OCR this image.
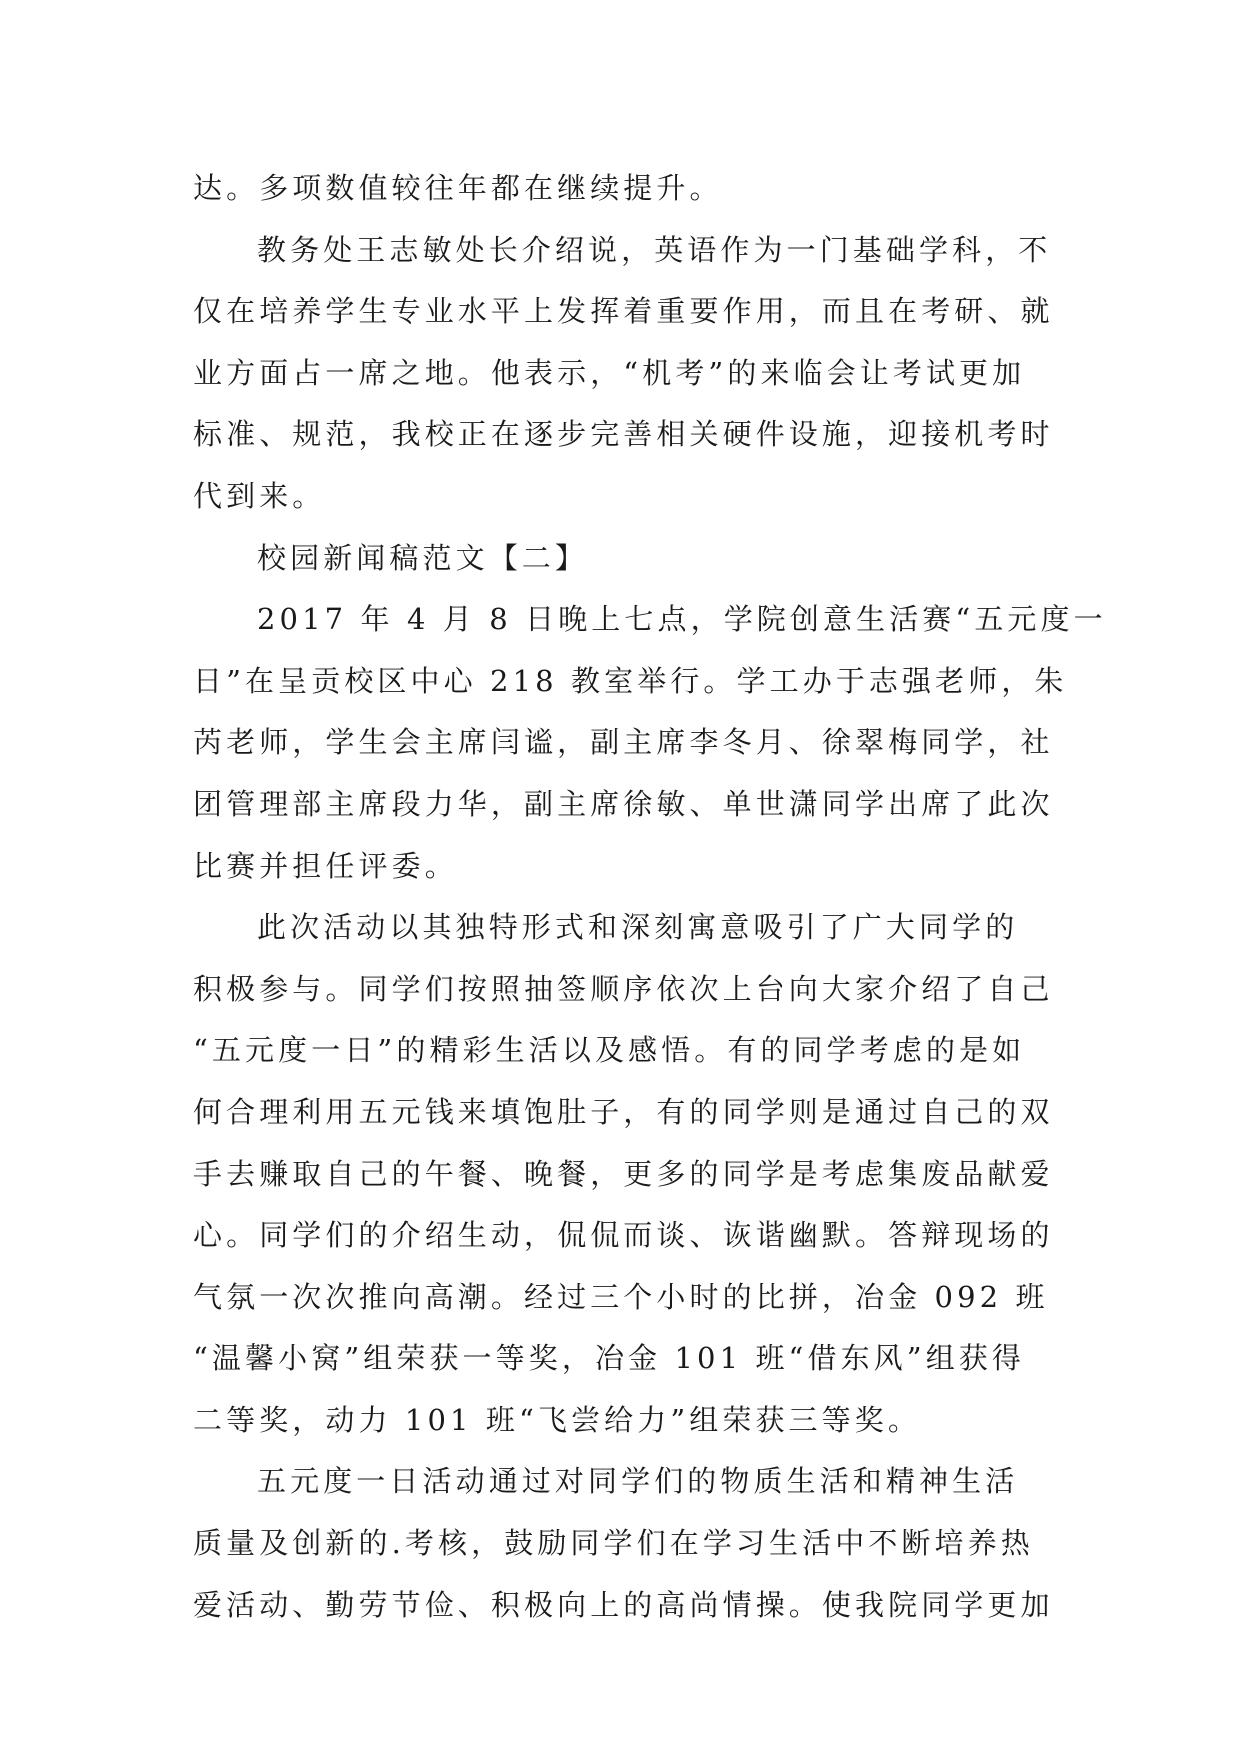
达。多项数值较往年都在继续提升。
教务处王志敏处长介绍说，英语作为一门基础学科，不
仅在培养学生专业水平上发挥着重要作用，而且在考研、就
业方面占一席之地。他表示，“机考”的来临会让考试更加
标准、规范，我校正在逐步完善相关硬件设施，迎接机考时
代到来。
校园新闻稿范文【二】
2017 年 4 月 8 日晚上七点，学院创意生活赛“五元度一
日”在呈贡校区中心 218 教室举行。学工办于志强老师，朱
芮老师，学生会主席闫谧，副主席李冬月、徐翠梅同学，社
团管理部主席段力华，副主席徐敏、单世潇同学出席了此次
比赛并担任评委。
此次活动以其独特形式和深刻寓意吸引了广大同学的
积极参与。同学们按照抽签顺序依次上台向大家介绍了自己
“五元度一日”的精彩生活以及感悟。有的同学考虑的是如
何合理利用五元钱来填饱肚子，有的同学则是通过自己的双
手去赚取自己的午餐、晚餐，更多的同学是考虑集废品献爱
心。同学们的介绍生动，侃侃而谈、诙谐幽默。答辩现场的
气氛一次次推向高潮。经过三个小时的比拼，冶金 092 班
“温馨小窝”组荣获一等奖，冶金 101 班“借东风”组获得
二等奖，动力 101 班“飞尝给力”组荣获三等奖。
五元度一日活动通过对同学们的物质生活和精神生活
质量及创新的.考核，鼓励同学们在学习生活中不断培养热
爱活动、勤劳节俭、积极向上的高尚情操。使我院同学更加
